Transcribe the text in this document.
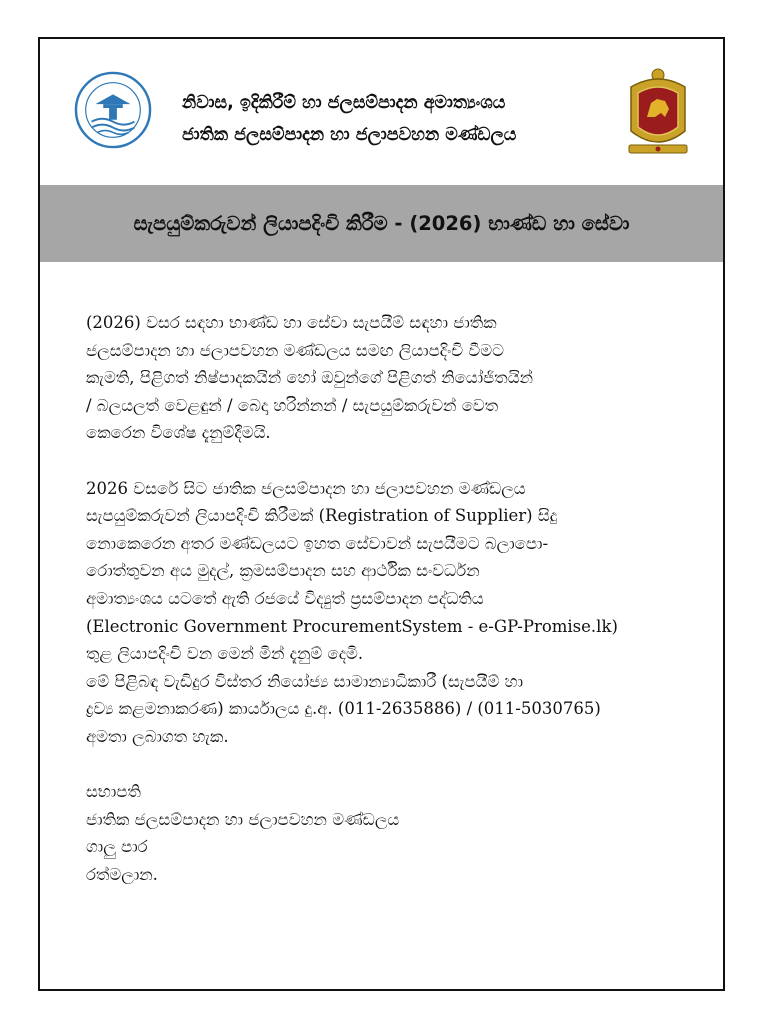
නිවාස, ඉදිකිරීම් හා ජලසම්පාදන අමාත්‍යංශය
ජාතික ජලසම්පාදන හා ජලාපවහන මණ්ඩලය
සැපයුම්කරුවන් ලියාපදිංචි කිරීම - (2026) භාණ්ඩ හා සේවා

(2026) වසර සඳහා භාණ්ඩ හා සේවා සැපයීම් සඳහා ජාතික

ජලසම්පාදන හා ජලාපවහන මණ්ඩලය සමඟ ලියාපදිංචි වීමට

කැමති, පිළිගත් නිෂ්පාදකයින් හෝ ඔවුන්ගේ පිළිගත් නියෝජිතයින්

/ බලයලත් වෙළඳුන් / බෙදා හරින්නන් / සැපයුම්කරුවන් වෙත

කෙරෙන විශේෂ දැනුම්දීමයි.

2026 වසරේ සිට ජාතික ජලසම්පාදන හා ජලාපවහන මණ්ඩලය

සැපයුම්කරුවන් ලියාපදිංචි කිරීමක් (Registration of Supplier) සිදු

නොකෙරෙන අතර මණ්ඩලයට ඉහත සේවාවන් සැපයීමට බලාපො-

රොත්තුවන අය මුදල්, ක්‍රමසම්පාදන සහ ආර්ථික සංවර්ධන

අමාත්‍යංශය යටතේ ඇති රජයේ විද්‍යුත් ප්‍රසම්පාදන පද්ධතිය

(Electronic Government ProcurementSystem - e-GP-Promise.lk)

තුළ ලියාපදිංචි වන මෙන් මින් දැනුම් දෙමි.

මේ පිළිබඳ වැඩිදුර විස්තර නියෝජ්‍ය සාමාන්‍යාධිකාරී (සැපයීම් හා

ද්‍රව්‍ය කළමනාකරණ) කාර්යාලය දු.අ. (011-2635886) / (011-5030765)

අමතා ලබාගත හැක.

සභාපති

ජාතික ජලසම්පාදන හා ජලාපවහන මණ්ඩලය

ගාලු පාර

රත්මලාන.
